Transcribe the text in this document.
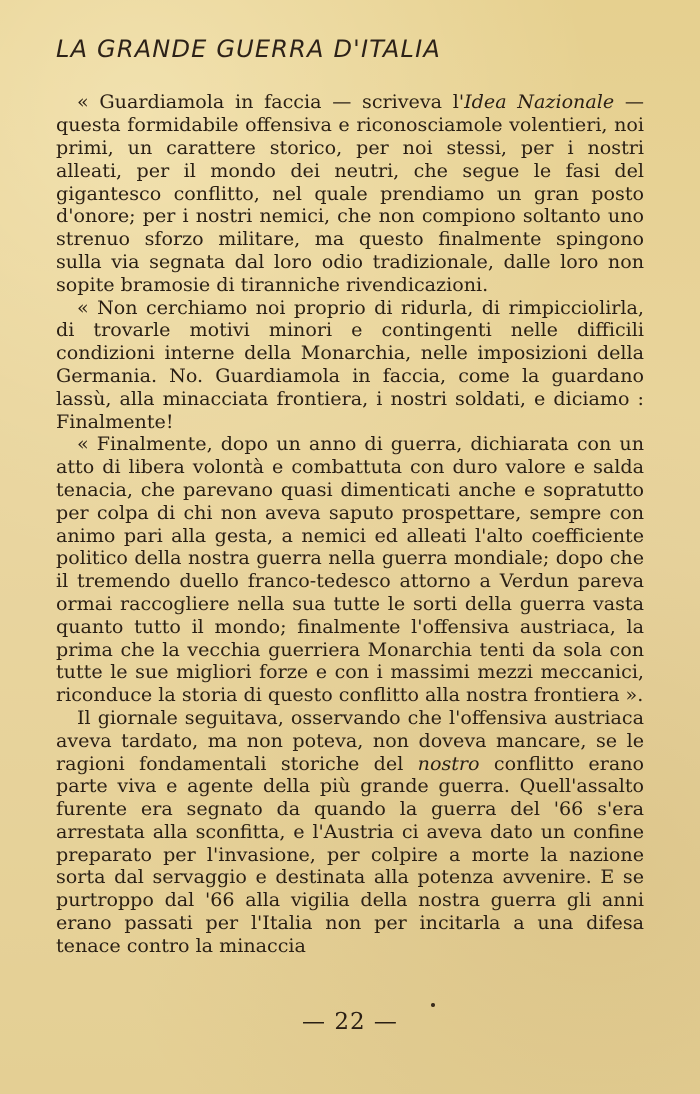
LA GRANDE GUERRA D'ITALIA

« Guardiamola in faccia — scriveva l'Idea Nazionale — questa formidabile offensiva e riconosciamole volentieri, noi primi, un carattere storico, per noi stessi, per i nostri alleati, per il mondo dei neutri, che segue le fasi del gigantesco conflitto, nel quale prendiamo un gran posto d'onore; per i nostri nemici, che non compiono soltanto uno strenuo sforzo militare, ma questo finalmente spingono sulla via segnata dal loro odio tradizionale, dalle loro non sopite bramosie di tiranniche rivendicazioni.

« Non cerchiamo noi proprio di ridurla, di rimpicciolirla, di trovarle motivi minori e contingenti nelle difficili condizioni interne della Monarchia, nelle imposizioni della Germania. No. Guardiamola in faccia, come la guardano lassù, alla minacciata frontiera, i nostri soldati, e diciamo : Finalmente!

« Finalmente, dopo un anno di guerra, dichiarata con un atto di libera volontà e combattuta con duro valore e salda tenacia, che parevano quasi dimenticati anche e sopratutto per colpa di chi non aveva saputo prospettare, sempre con animo pari alla gesta, a nemici ed alleati l'alto coefficiente politico della nostra guerra nella guerra mondiale; dopo che il tremendo duello franco-tedesco attorno a Verdun pareva ormai raccogliere nella sua tutte le sorti della guerra vasta quanto tutto il mondo; finalmente l'offensiva austriaca, la prima che la vecchia guerriera Monarchia tenti da sola con tutte le sue migliori forze e con i massimi mezzi meccanici, riconduce la storia di questo conflitto alla nostra frontiera ».

Il giornale seguitava, osservando che l'offensiva austriaca aveva tardato, ma non poteva, non doveva mancare, se le ragioni fondamentali storiche del nostro conflitto erano parte viva e agente della più grande guerra. Quell'assalto furente era segnato da quando la guerra del '66 s'era arrestata alla sconfitta, e l'Austria ci aveva dato un confine preparato per l'invasione, per colpire a morte la nazione sorta dal servaggio e destinata alla potenza avvenire. E se purtroppo dal '66 alla vigilia della nostra guerra gli anni erano passati per l'Italia non per incitarla a una difesa tenace contro la minaccia

— 22 —
